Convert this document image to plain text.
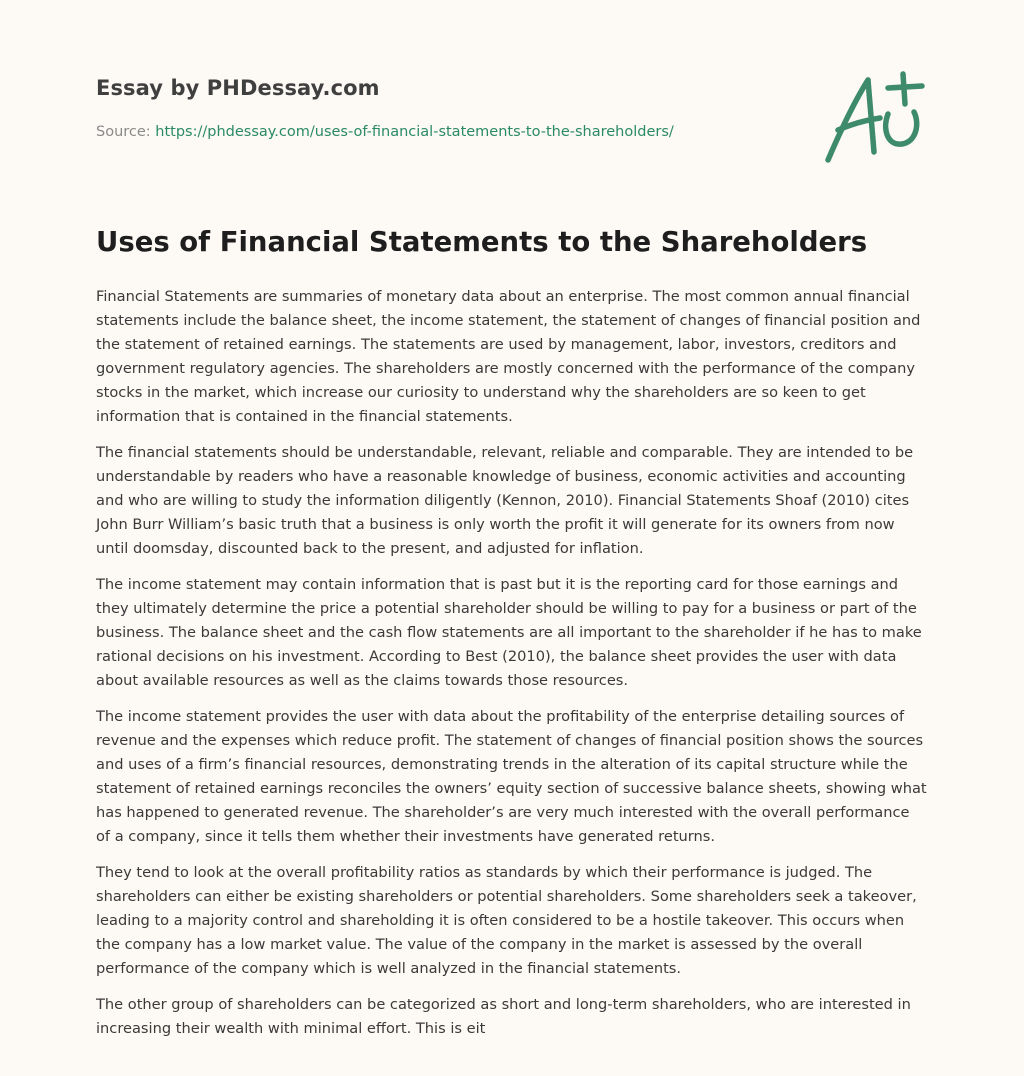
Essay by PHDessay.com
Source: https://phdessay.com/uses-of-financial-statements-to-the-shareholders/
Uses of Financial Statements to the Shareholders

Financial Statements are summaries of monetary data about an enterprise. The most common annual financial statements include the balance sheet, the income statement, the statement of changes of financial position and the statement of retained earnings. The statements are used by management, labor, investors, creditors and government regulatory agencies. The shareholders are mostly concerned with the performance of the company stocks in the market, which increase our curiosity to understand why the shareholders are so keen to get information that is contained in the financial statements.

The financial statements should be understandable, relevant, reliable and comparable. They are intended to be understandable by readers who have a reasonable knowledge of business, economic activities and accounting and who are willing to study the information diligently (Kennon, 2010). Financial Statements Shoaf (2010) cites John Burr William’s basic truth that a business is only worth the profit it will generate for its owners from now until doomsday, discounted back to the present, and adjusted for inflation.

The income statement may contain information that is past but it is the reporting card for those earnings and they ultimately determine the price a potential shareholder should be willing to pay for a business or part of the business. The balance sheet and the cash flow statements are all important to the shareholder if he has to make rational decisions on his investment. According to Best (2010), the balance sheet provides the user with data about available resources as well as the claims towards those resources.

The income statement provides the user with data about the profitability of the enterprise detailing sources of revenue and the expenses which reduce profit. The statement of changes of financial position shows the sources and uses of a firm’s financial resources, demonstrating trends in the alteration of its capital structure while the statement of retained earnings reconciles the owners’ equity section of successive balance sheets, showing what has happened to generated revenue. The shareholder’s are very much interested with the overall performance of a company, since it tells them whether their investments have generated returns.

They tend to look at the overall profitability ratios as standards by which their performance is judged. The shareholders can either be existing shareholders or potential shareholders. Some shareholders seek a takeover, leading to a majority control and shareholding it is often considered to be a hostile takeover. This occurs when the company has a low market value. The value of the company in the market is assessed by the overall performance of the company which is well analyzed in the financial statements.

The other group of shareholders can be categorized as short and long-term shareholders, who are interested in increasing their wealth with minimal effort. This is eit
